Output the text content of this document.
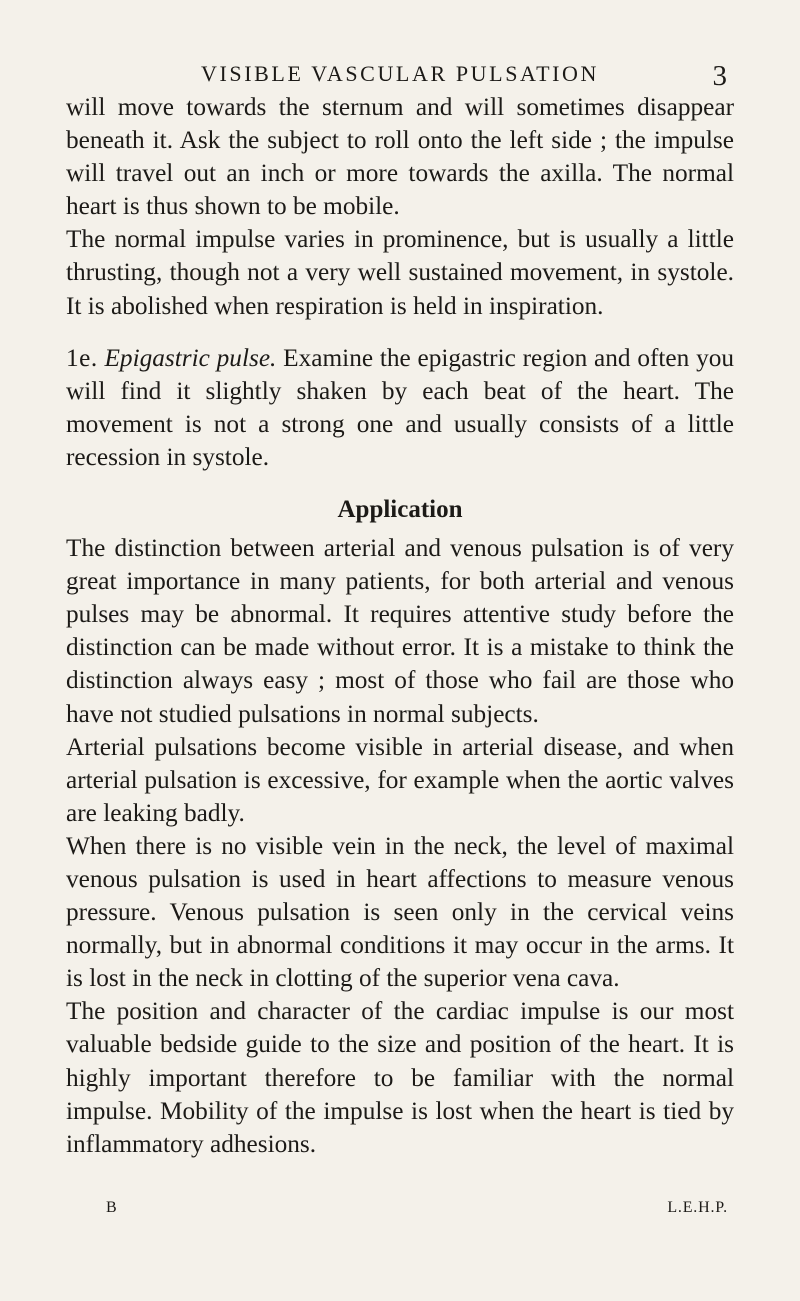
VISIBLE VASCULAR PULSATION	3

will move towards the sternum and will sometimes disappear beneath it. Ask the subject to roll onto the left side ; the impulse will travel out an inch or more towards the axilla. The normal heart is thus shown to be mobile.

The normal impulse varies in prominence, but is usually a little thrusting, though not a very well sustained movement, in systole. It is abolished when respiration is held in inspiration.

1e. Epigastric pulse. Examine the epigastric region and often you will find it slightly shaken by each beat of the heart. The movement is not a strong one and usually consists of a little recession in systole.

Application

The distinction between arterial and venous pulsation is of very great importance in many patients, for both arterial and venous pulses may be abnormal. It requires attentive study before the distinction can be made without error. It is a mistake to think the distinction always easy ; most of those who fail are those who have not studied pulsations in normal subjects.

Arterial pulsations become visible in arterial disease, and when arterial pulsation is excessive, for example when the aortic valves are leaking badly.

When there is no visible vein in the neck, the level of maximal venous pulsation is used in heart affections to measure venous pressure. Venous pulsation is seen only in the cervical veins normally, but in abnormal conditions it may occur in the arms. It is lost in the neck in clotting of the superior vena cava.

The position and character of the cardiac impulse is our most valuable bedside guide to the size and position of the heart. It is highly important therefore to be familiar with the normal impulse. Mobility of the impulse is lost when the heart is tied by inflammatory adhesions.

B	L.E.H.P.
